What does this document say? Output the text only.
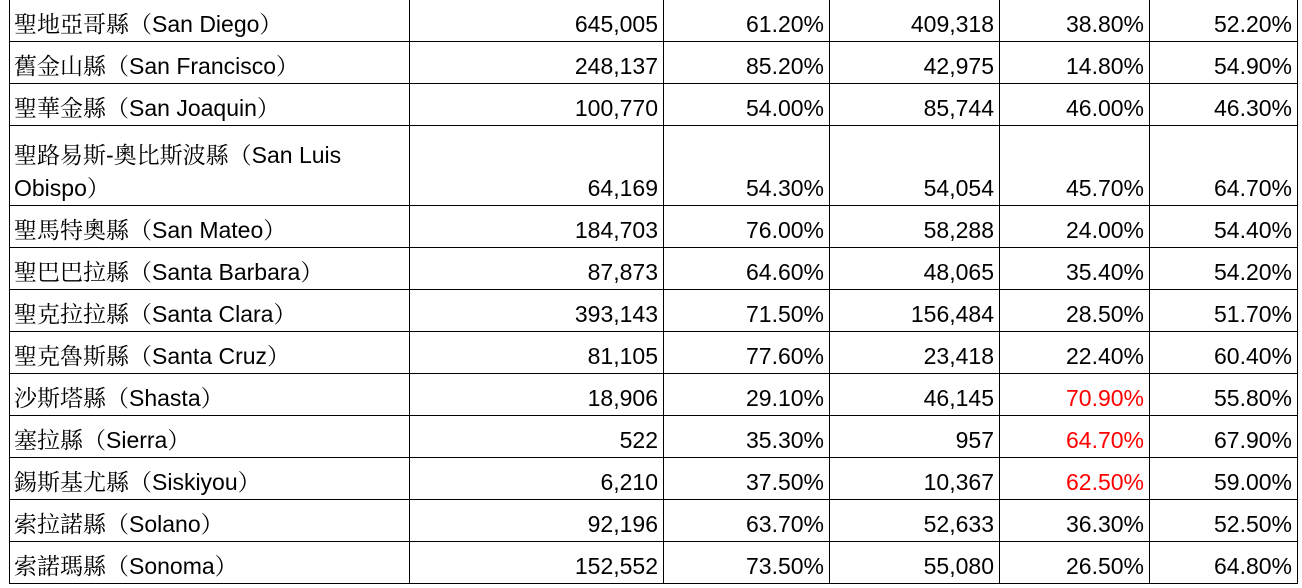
聖地亞哥縣（San Diego）	645,005	61.20%	409,318	38.80%	52.20%
舊金山縣（San Francisco）	248,137	85.20%	42,975	14.80%	54.90%
聖華金縣（San Joaquin）	100,770	54.00%	85,744	46.00%	46.30%
聖路易斯-奧比斯波縣（San Luis Obispo）	64,169	54.30%	54,054	45.70%	64.70%
聖馬特奧縣（San Mateo）	184,703	76.00%	58,288	24.00%	54.40%
聖巴巴拉縣（Santa Barbara）	87,873	64.60%	48,065	35.40%	54.20%
聖克拉拉縣（Santa Clara）	393,143	71.50%	156,484	28.50%	51.70%
聖克魯斯縣（Santa Cruz）	81,105	77.60%	23,418	22.40%	60.40%
沙斯塔縣（Shasta）	18,906	29.10%	46,145	70.90%	55.80%
塞拉縣（Sierra）	522	35.30%	957	64.70%	67.90%
錫斯基尤縣（Siskiyou）	6,210	37.50%	10,367	62.50%	59.00%
索拉諾縣（Solano）	92,196	63.70%	52,633	36.30%	52.50%
索諾瑪縣（Sonoma）	152,552	73.50%	55,080	26.50%	64.80%
